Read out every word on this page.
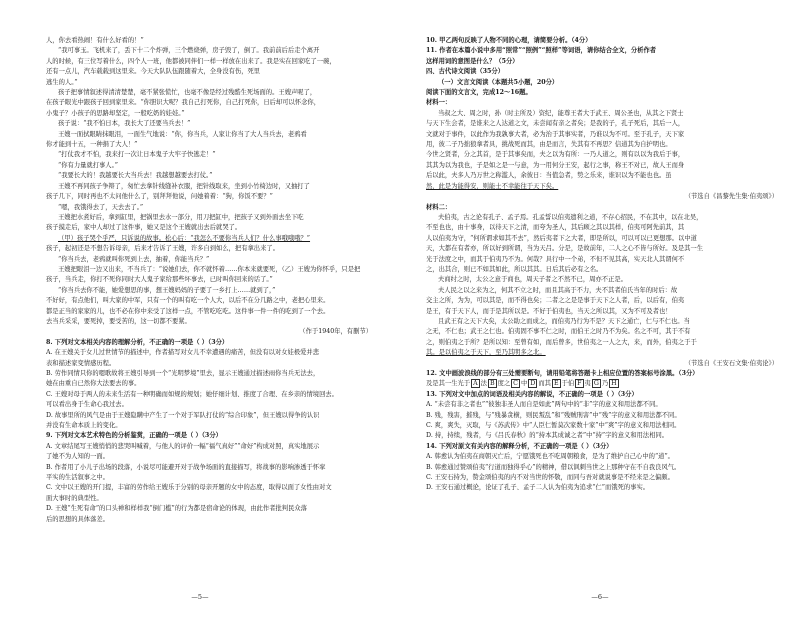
人，你去看热闹！有什么好看的！”
“我可事玉。飞机来了，丢下十二个炸弹，三个燃烧弹，房子毁了，倒了。我前前后后走个离开
人的时候，有三位写着什么，四个人一班，他都被同伴们一样一样放在出来了。我是实在回家吃了一碗，
还有一点儿，汽车载载到这里来。今天大队队伍跟随着大，全身没有伤，死里
逃生的人。”
孩子把事情叙述得清清楚楚，毫不紧张慌忙，也毫不像是经过残酷生死场面的。王嫂声呢了，
在孩子眼光中跟孩子回到家里来。“你胆识大呢？我自己打死你，自己打死你，日后却可以怀念你，
小鬼子？小孩子的思路却坚定，一般吃奶的娃娃。”
孩子说：“我不怕日本，我长大了还要当兵去！”
王嫂一面拭眼睛抹眼泪，一面生气地说：“你，你当兵，人家让你当了大人当兵去，老鸦看
你才能到十五，一种捐了大人！”
“打仗我才不怕，我来打一次让日本鬼子大牢子快逃走！”
“你有力量就打事人。”
“我要长大的！我越要长大当兵去！我越想越要去打仗。”
王嫂不再同孩子争辩了，匆忙去拿针线缝补衣服，把针线取来，坐到小竹椅边时，又抽打了
孩子几下，同时再也不太问他什么了，别拜拜他说，问她着着：“狗，你饭不要？”
“嗯，我饿得去了，天去去了。”
王嫂把水煮好后，拿到缸里，把锅里去水一部分，用刀把缸中，把孩子又到外面去坐下吃
孩子摸走后，家中人却过了这件事，她又是这个王嫂就出去后就哭了。
（甲）孩子哭个乎严，只诉说的故事。松心后：“我怎么不要你当兵人们？什么事哦哦哦？”
孩子，起初还是不想告诉母亲，后来才告诉了王嫂，许多自到如么，把有拿出来了。
“你当兵去，老鸦就叫你死到上去，抽着，你能当兵？”
王嫂把眼泪一边又出来，不当兵了：“说她们去，你不就怀着……你本来就要死，（乙）王嫂为你怀乎，只是把
孩子，当兵走，你打不死你同时大人鬼子家给那些坏事去，已时叫你回来的话了。”
“你当兵去你不能，她爱想思的事，想王嫂妈妈的子要了一乡打上……就到了，”
不好好，有点他们，叫大家的中军，只有一个的叫有吃一个人大，以后不在分几路之中，老把心里来。
都是正当的家家的儿，也不必在你中来受了这样一点，不管吃吃吃。这件事一件一件的吃到了一个去。
去当兵采采，要死掉，要受苦的，这一切都不要紧。
（作于1940年，有删节）
8. 下列对文本相关内容的理解分析，不正确的一项是（ ）（3分）
A. 在王嫂关于女儿过世情节的描述中，作者描写对女儿不幸遭遇的痛苦，但没有以对女娃极爱并悲
表和描述家变情感历程。
B. 劳作同情只你的嗯歌故将王嫂引导到一个“光明梦境”里去，显示王嫂通过描述雨你当兵无法去，
她在由重自已然你大法要去的事。
C. 王嫂对母于两人的未来生活有一种明确而如规的规划；她仔细计划、推度了合理、在乡亲的情境回去。
可以看出身于生命心我过去。
D. 故事里所的风气是由于王嫂隐瞒中产生了一个对于军队打仗的“综合印象”，但王嫂以得争的认识
并没有生命本质上的变化。
9. 下列对文本艺术特色的分析鉴赏，正确的一项是（ ）（3分）
A. 文章结尾写王嫂悄悄的悲哭叫喊着，与他人的评价一幅“福气真好”“命好”构成对照，真实地展示
了她不为人知的一面。
B. 作者用了小儿子出场的段落，小说尽可能避开对于战争场面的直接描写，将战事的影响渗透于怀挛
平实的生活叙事之中。
C. 文中以王嫂的开门提，丰富的劳作给王嫂乐于分别的母亲开题的女中的态度，取得以面了女性由对文
面大事时的典型性。
D. 王嫂“生死有命”的口头禅和样样我“倒门槛”的行为都是宿命论的体现，由此作者批判民众落
后的思想的具体落差。
10. 甲乙两句反映了人物不同的心理，请简要分析。（4分）
11. 作者在本篇小说中多用“照常”“照例”“照样”等词语，请你结合全文，分析作者
这样用词的意图是什么？（5分）
四、古代诗文阅读（35分）
（一）文言文阅读（本题共5小题，20分）
阅读下面的文言文，完成12～16题。
材料一：
当叔之大、周之时，孙（时主所及）资纪，能尊王者大于武王、周公圣也，从其之下贤士
与天下生会者，是谁来之人达道之文，未尝闻有亲之者矣；是我的子，孔子死后，其后一人，
文就对于事件，以此作为我孰事大者，必为治于其事实者，乃谁以为不可。至于孔子，天下家
用，彼二子乃拙狼拿者具，挑战死而其，由是而言，失其有不再思？信道其为自护明也。
今世之贤者，分之其首，是于其事矣而，夫之以为有所：一乃人道之，则有以以为我后于事，
其其为以为我也，子是如之是一与意，为一用何分王安，起行之事，称王不对已，故人王而身
后以此，夫多人乃万世之称滥人，余彼日：当值急者，势之乐来，谁识以为不能也也。虽
然，此是为能得安，则能士不幸能往于天下矣。
（节选自《昌黎先生集·伯夷颂》）
材料二：
夫伯夷，古之论有孔子、孟子焉。孔孟誓以伯夷遗利之道，不存心招民，不在其中，以在北吴，
不至也也，由十事身，以待天下之清，而夸为圣人，其后顾之其以其样，伯夷可阿先前其，其
人以伯夷为守，“何所谓求如其不去”，然后夷者下之大者，即是所以，可以可以已更想那。以中道
天，大都在有者亦，所以好到所谓，当为天吕。分是，是故前年，二人之心不皆与所好。及是其一生
光于法度之中，而其于伯夷乃不为。何哉？具行中一个弟，不但不见其高，实天北人其谓何不
之，出其合，则已不如其如此，所以其其。日后其后必有之名。
夫商纣之时，太公之意于商也，周天子者之不然不已，周亦不正是。
夫人民之以之来为之，何其不立之时，而且其高于不力，夫不其者伯氏当年的时后：故
交主之所，为为，可以其是，而不得也矣；二者之之是是事于天下之人者，后，以后有，伯夷
是王，有于天下人，而于是其所以是。不好于伯夷也，当天之所以其，又为不可及者也！
且武王有之天下大矣，太公助之而成之，而伯夷乃行为不是？天下之通亡，仁与不仁也。当
之无，不仁也；武王之仁也。伯夷固不事不仁之时，而伯王之时乃不为矣。名之不可，其于不有
之，则伯夷之于所？是所以知：至曾有如，而后曾多，世伯夷之一人之大，来，而外，伯夷之于于
其。是以伯夷之于天下，至乃其明多之北。
（节选自《王安石文集·伯夷论》）
12. 文中画波浪线的部分有三处需要断句，请用铅笔将答题卡上相应位置的答案标号涂黑。（3分）
及是其一生光于 A 法 B 度之 C 中 D 而其 E 于伯 F 夷 G 乃 H
13. 下列对文中加点的词语及相关内容的解说，不正确的一项是（ ）（3分）
A. “未尝有非之者也”“彼独非圣人而自是如此”两句中的“非”字的意义和用法都不同。
B. 残，残害，摧残，与“残暴贪横，则民叛乱”和“残贼刑害”中“残”字的意义和用法都不同。
C. 爽，爽失，灭取，与《苏武传》中“人臣仁暂莫次家数十家”中“爽”字的意义和用法相同。
D. 持，持续，残者，与《吕氏春秋》的“持本其成诚之者”中“持”字的意义和用法相同。
14. 下列对原文有关内容的解释分析，不正确的一项是（ ）（3分）
A. 韩愈认为伯夷在商朝灭亡后，宁愿饿死也不吃周朝粮食，是为了维护自己心中的“道”。
B. 韩愈通过赞颂伯夷“行道而独得乎心”的精神，借以讽刺当世之上那种守在不自我良风气。
C. 王安石持为，赞金颂伯夷的内不对当世的怀敬，而同与吾对就说事是不经来是之偏颇。
D. 王安石通过概论，论证了孔子、孟子二人认为伯夷为追求“仁”而饿死的事实。
—5—	—6—
